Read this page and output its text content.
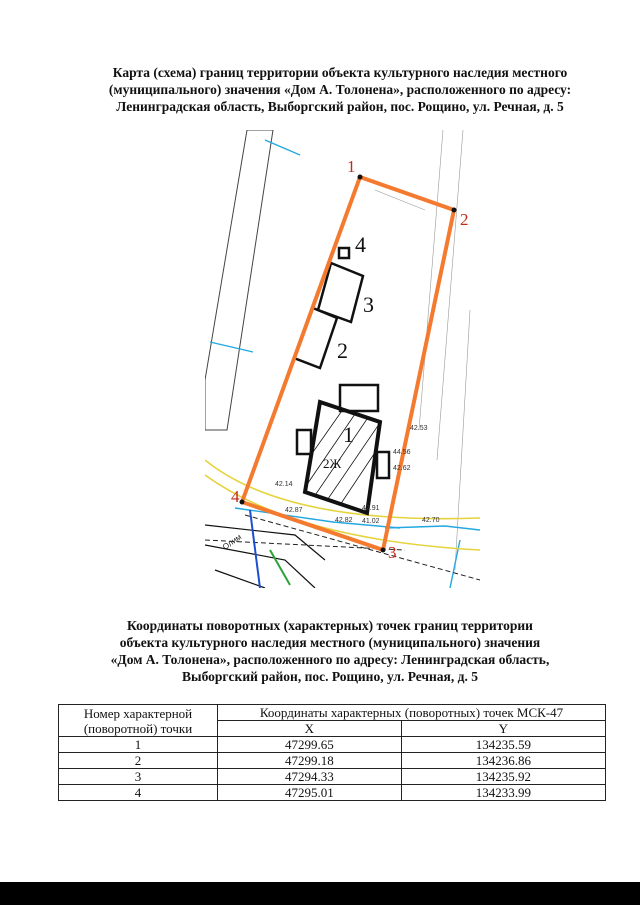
Карта (схема) границ территории объекта культурного наследия местного
(муниципального) значения «Дом А. Толонена», расположенного по адресу:
Ленинградская область, Выборгский район, пос. Рощино, ул. Речная, д. 5
1
2
3
4
1
2
3
4
2Ж
42.53
44.56
42.62
42.14
42.87
42.82
42.91
41.02	42.70
Олим
Координаты поворотных (характерных) точек границ территории
объекта культурного наследия местного (муниципального) значения
«Дом А. Толонена», расположенного по адресу: Ленинградская область,
Выборгский район, пос. Рощино, ул. Речная, д. 5
Номер характерной (поворотной) точки	Координаты характерных (поворотных) точек МСК-47	
	X	Y
1	47299.65	134235.59
2	47299.18	134236.86
3	47294.33	134235.92
4	47295.01	134233.99
